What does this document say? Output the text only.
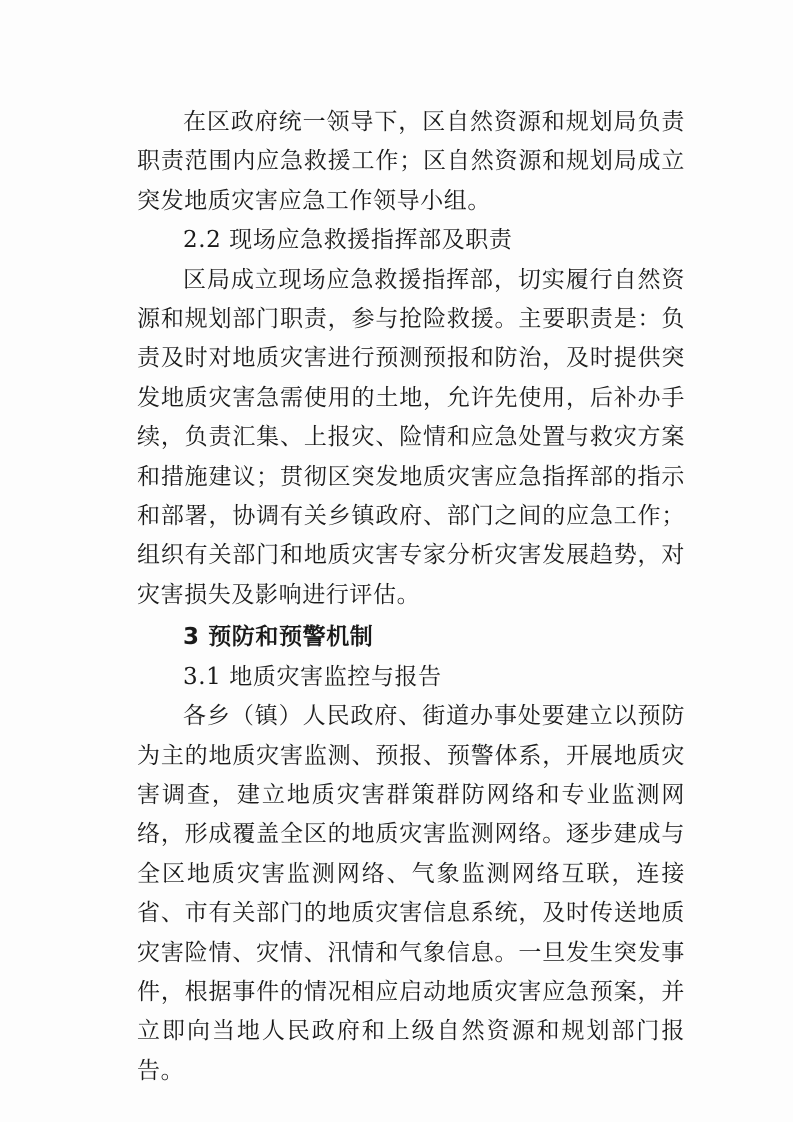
在区政府统一领导下，区自然资源和规划局负责职责范围内应急救援工作；区自然资源和规划局成立突发地质灾害应急工作领导小组。

2.2 现场应急救援指挥部及职责

区局成立现场应急救援指挥部，切实履行自然资源和规划部门职责，参与抢险救援。主要职责是：负责及时对地质灾害进行预测预报和防治，及时提供突发地质灾害急需使用的土地，允许先使用，后补办手续，负责汇集、上报灾、险情和应急处置与救灾方案和措施建议；贯彻区突发地质灾害应急指挥部的指示和部署，协调有关乡镇政府、部门之间的应急工作；组织有关部门和地质灾害专家分析灾害发展趋势，对灾害损失及影响进行评估。

3 预防和预警机制

3.1 地质灾害监控与报告

各乡（镇）人民政府、街道办事处要建立以预防为主的地质灾害监测、预报、预警体系，开展地质灾害调查，建立地质灾害群策群防网络和专业监测网络，形成覆盖全区的地质灾害监测网络。逐步建成与全区地质灾害监测网络、气象监测网络互联，连接省、市有关部门的地质灾害信息系统，及时传送地质灾害险情、灾情、汛情和气象信息。一旦发生突发事件，根据事件的情况相应启动地质灾害应急预案，并立即向当地人民政府和上级自然资源和规划部门报告。
